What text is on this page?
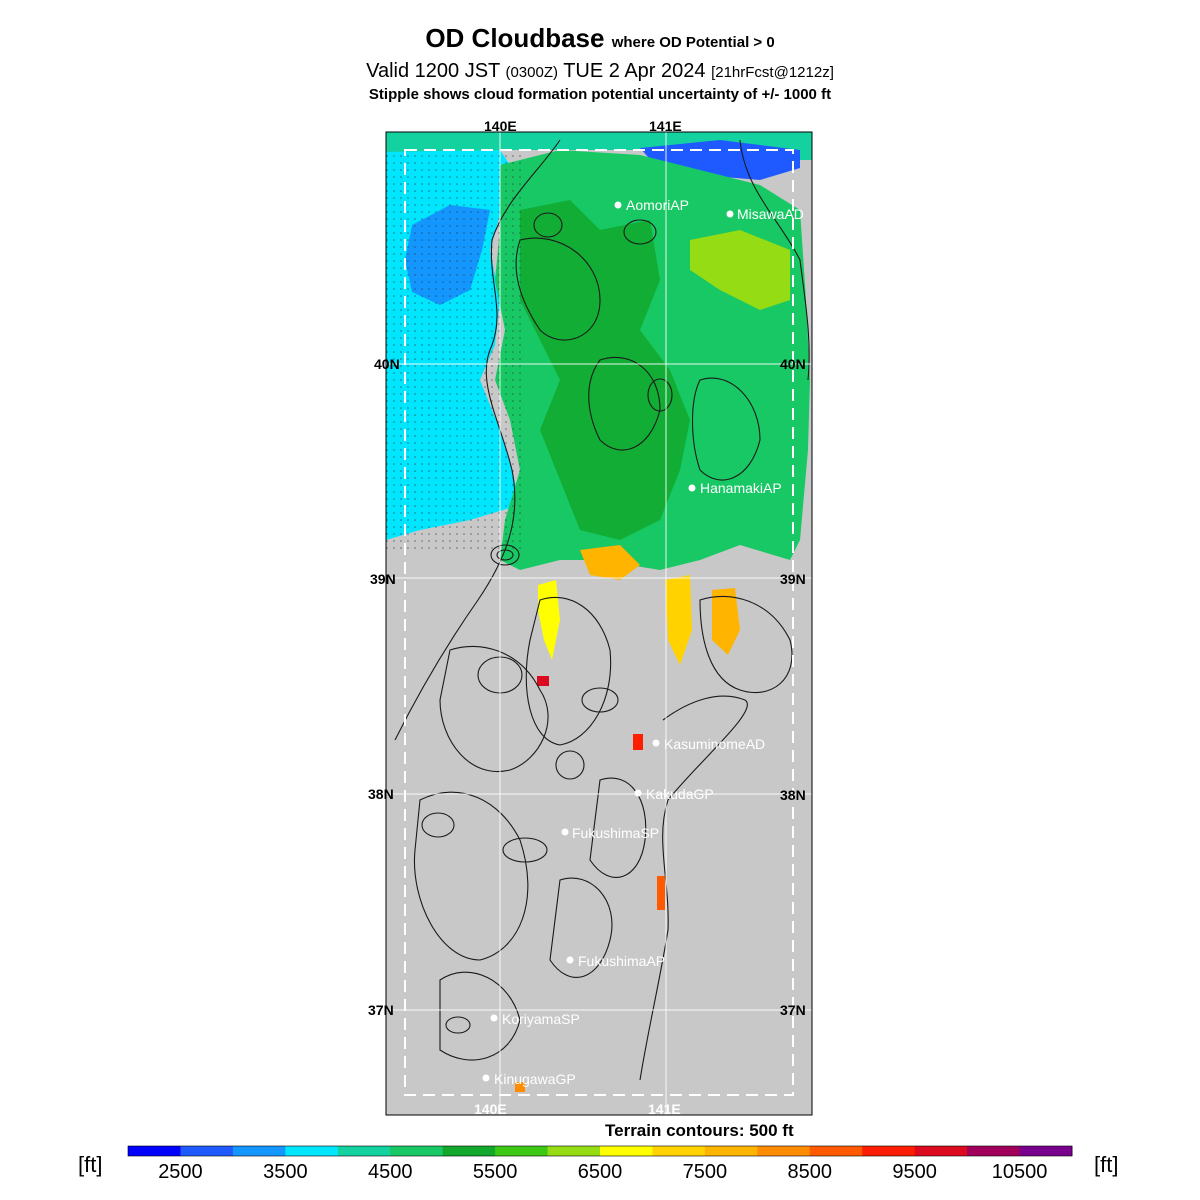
OD Cloudbase where OD Potential > 0
Valid 1200 JST (0300Z) TUE 2 Apr 2024 [21hrFcst@1212z]
Stipple shows cloud formation potential uncertainty of +/- 1000 ft
140E	141E
140E	141E
40N
39N
38N
37N
40N
39N
38N
37N
AomoriAP
MisawaAD
HanamakiAP
KasuminomeAD
KakudaGP
FukushimaSP
FukushimaAP
KoriyamaSP
KinugawaGP
2500	3500	4500	5500	6500	7500	8500	9500	10500
Terrain contours: 500 ft
[ft]	[ft]
